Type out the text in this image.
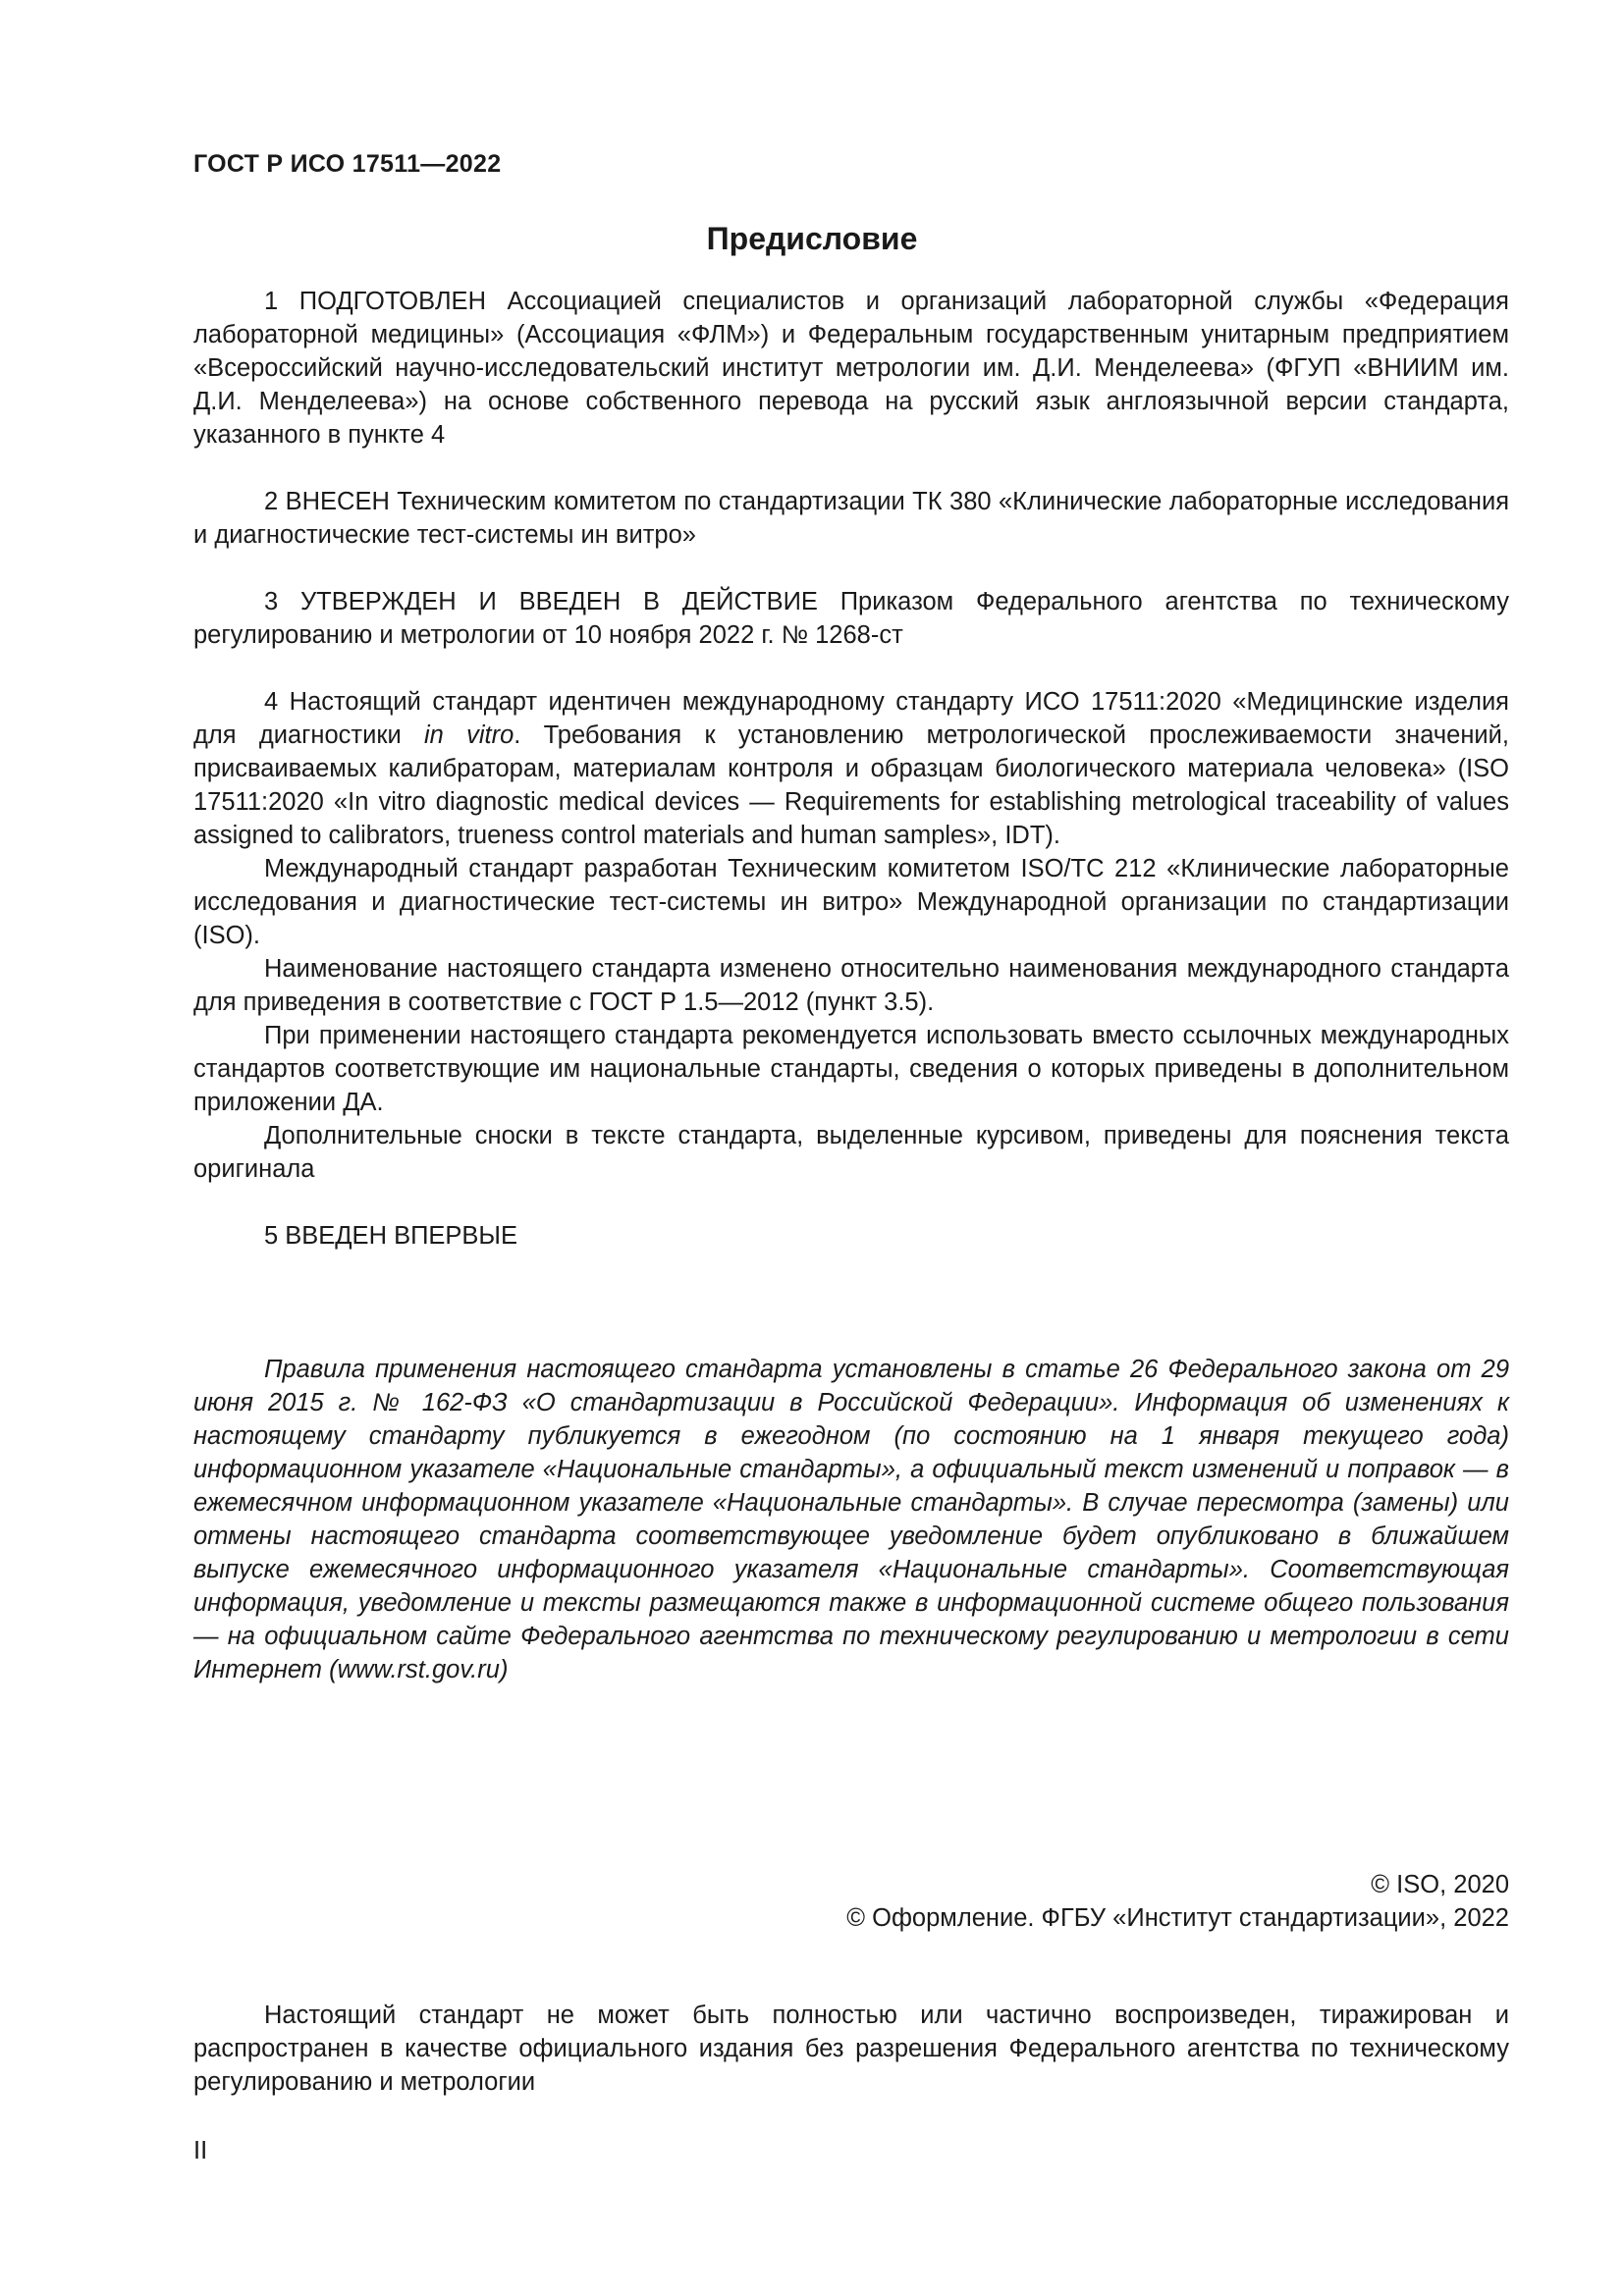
ГОСТ Р ИСО 17511—2022
Предисловие

1 ПОДГОТОВЛЕН Ассоциацией специалистов и организаций лабораторной службы «Федерация лабораторной медицины» (Ассоциация «ФЛМ») и Федеральным государственным унитарным предприятием «Всероссийский научно-исследовательский институт метрологии им. Д.И. Менделеева» (ФГУП «ВНИИМ им. Д.И. Менделеева») на основе собственного перевода на русский язык англоязычной версии стандарта, указанного в пункте 4

2 ВНЕСЕН Техническим комитетом по стандартизации ТК 380 «Клинические лабораторные исследования и диагностические тест-системы ин витро»

3 УТВЕРЖДЕН И ВВЕДЕН В ДЕЙСТВИЕ Приказом Федерального агентства по техническому регулированию и метрологии от 10 ноября 2022 г. № 1268-ст

4 Настоящий стандарт идентичен международному стандарту ИСО 17511:2020 «Медицинские изделия для диагностики in vitro. Требования к установлению метрологической прослеживаемости значений, присваиваемых калибраторам, материалам контроля и образцам биологического материала человека» (ISO 17511:2020 «In vitro diagnostic medical devices — Requirements for establishing metrological traceability of values assigned to calibrators, trueness control materials and human samples», IDT).

Международный стандарт разработан Техническим комитетом ISO/TC 212 «Клинические лабораторные исследования и диагностические тест-системы ин витро» Международной организации по стандартизации (ISO).

Наименование настоящего стандарта изменено относительно наименования международного стандарта для приведения в соответствие с ГОСТ Р 1.5—2012 (пункт 3.5).

При применении настоящего стандарта рекомендуется использовать вместо ссылочных международных стандартов соответствующие им национальные стандарты, сведения о которых приведены в дополнительном приложении ДА.

Дополнительные сноски в тексте стандарта, выделенные курсивом, приведены для пояснения текста оригинала

5 ВВЕДЕН ВПЕРВЫЕ

Правила применения настоящего стандарта установлены в статье 26 Федерального закона от 29 июня 2015 г. № 162-ФЗ «О стандартизации в Российской Федерации». Информация об изменениях к настоящему стандарту публикуется в ежегодном (по состоянию на 1 января текущего года) информационном указателе «Национальные стандарты», а официальный текст изменений и поправок — в ежемесячном информационном указателе «Национальные стандарты». В случае пересмотра (замены) или отмены настоящего стандарта соответствующее уведомление будет опубликовано в ближайшем выпуске ежемесячного информационного указателя «Национальные стандарты». Соответствующая информация, уведомление и тексты размещаются также в информационной системе общего пользования — на официальном сайте Федерального агентства по техническому регулированию и метрологии в сети Интернет (www.rst.gov.ru)

© ISO, 2020
© Оформление. ФГБУ «Институт стандартизации», 2022

Настоящий стандарт не может быть полностью или частично воспроизведен, тиражирован и распространен в качестве официального издания без разрешения Федерального агентства по техническому регулированию и метрологии

II
